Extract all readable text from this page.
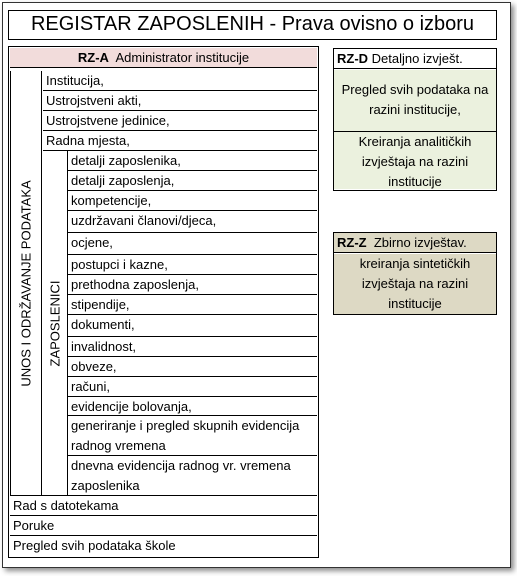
REGISTAR ZAPOSLENIH - Prava ovisno o izboru
RZ-A Administrator institucije
UNOS I ODRŽAVANJE PODATAKA ZAPOSLENICI
Institucija,
Ustrojstveni akti,
Ustrojstvene jedinice,
Radna mjesta,
detalji zaposlenika,
detalji zaposlenja,
kompetencije,
uzdržavani članovi/djeca,
ocjene,
postupci i kazne,
prethodna zaposlenja,
stipendije,
dokumenti,
invalidnost,
obveze,
računi,
evidencije bolovanja,
generiranje i pregled skupnih evidencija radnog vremena
dnevna evidencija radnog vr. vremena zaposlenika
Rad s datotekama
Poruke
Pregled svih podataka škole
RZ-D Detaljno izvješt.
Pregled svih podataka na razini institucije,
Kreiranja analitičkih izvještaja na razini institucije
RZ-Z Zbirno izvještav.
kreiranja sintetičkih izvještaja na razini institucije
